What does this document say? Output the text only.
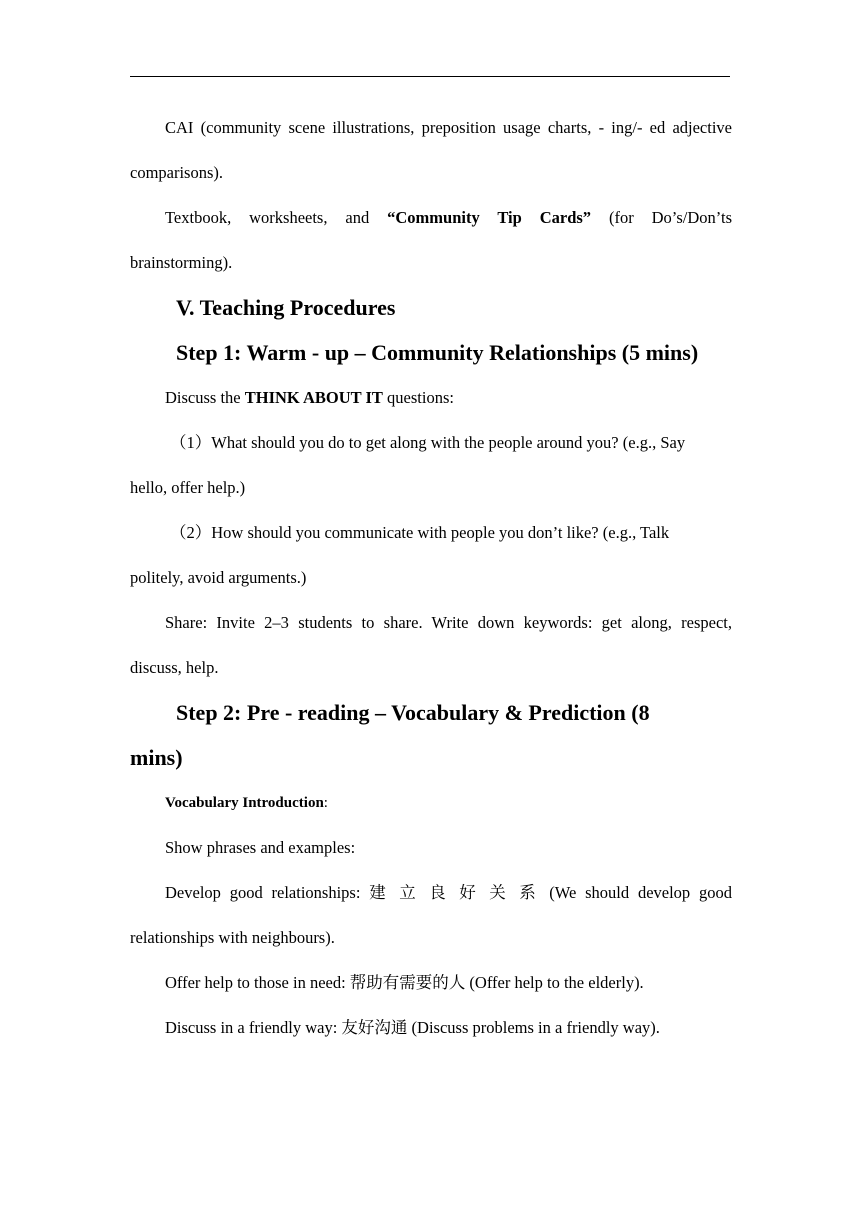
CAI (community scene illustrations, preposition usage charts, - ing/- ed adjective
comparisons).
Textbook, worksheets, and “Community Tip Cards” (for Do’s/Don’ts
brainstorming).
V. Teaching Procedures
Step 1: Warm - up – Community Relationships (5 mins)
Discuss the THINK ABOUT IT questions:
（1）What should you do to get along with the people around you? (e.g., Say
hello, offer help.)
（2）How should you communicate with people you don’t like? (e.g., Talk
politely, avoid arguments.)
Share: Invite 2–3 students to share. Write down keywords: get along, respect,
discuss, help.
Step 2: Pre - reading – Vocabulary & Prediction (8
mins)
Vocabulary Introduction:
Show phrases and examples:
Develop good relationships: 建 立 良 好 关 系 (We should develop good
relationships with neighbours).
Offer help to those in need: 帮助有需要的人 (Offer help to the elderly).
Discuss in a friendly way: 友好沟通 (Discuss problems in a friendly way).
